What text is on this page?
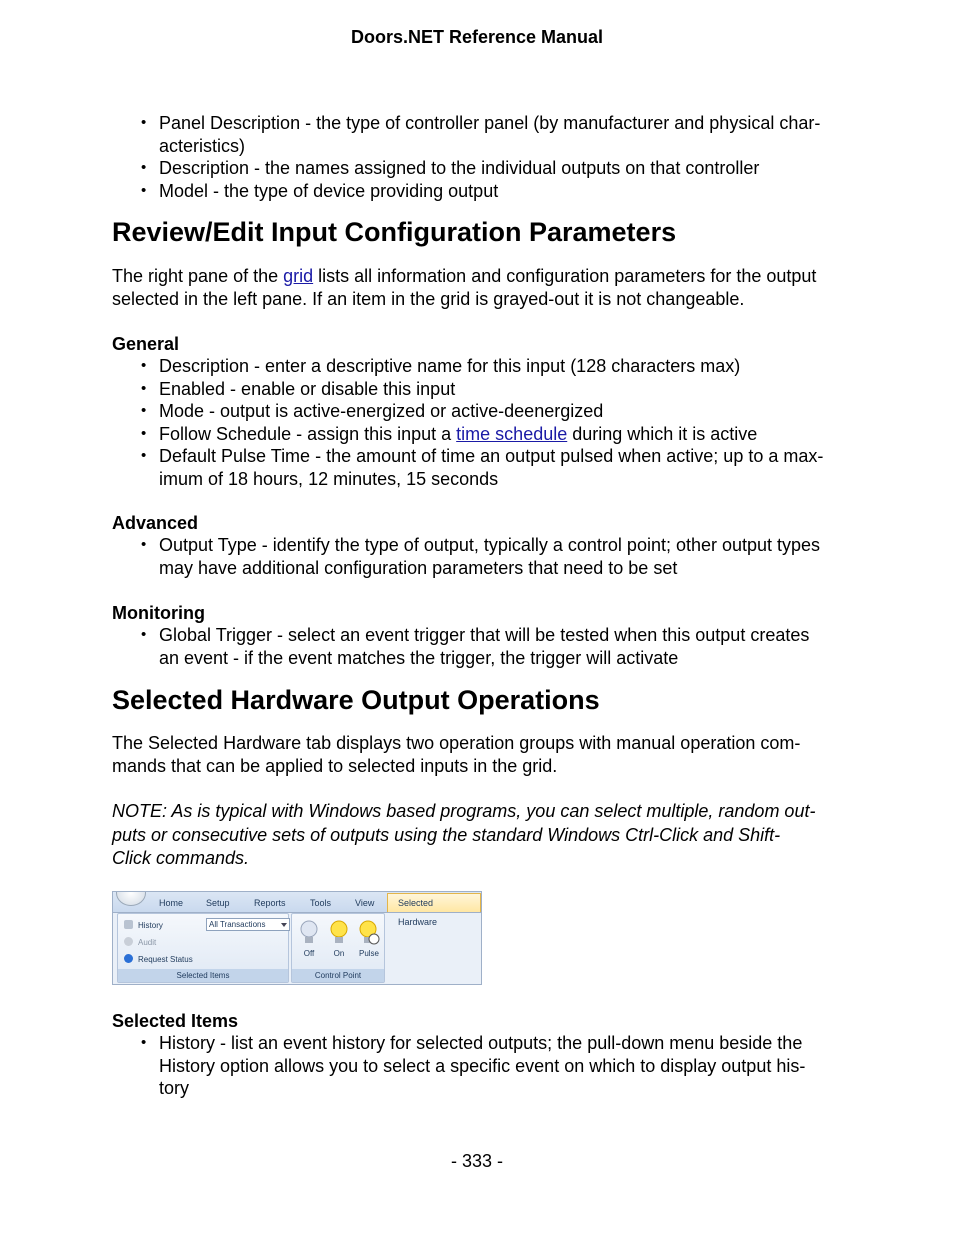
Doors.NET Reference Manual
• Panel Description - the type of controller panel (by manufacturer and physical char-
acteristics)
• Description - the names assigned to the individual outputs on that controller
• Model - the type of device providing output
Review/Edit Input Configuration Parameters
The right pane of the grid lists all information and configuration parameters for the output
selected in the left pane. If an item in the grid is grayed-out it is not changeable.
General
• Description - enter a descriptive name for this input (128 characters max)
• Enabled - enable or disable this input
• Mode - output is active-energized or active-deenergized
• Follow Schedule - assign this input a time schedule during which it is active
• Default Pulse Time - the amount of time an output pulsed when active; up to a max-
imum of 18 hours, 12 minutes, 15 seconds
Advanced
• Output Type - identify the type of output, typically a control point; other output types
may have additional configuration parameters that need to be set
Monitoring
• Global Trigger - select an event trigger that will be tested when this output creates
an event - if the event matches the trigger, the trigger will activate
Selected Hardware Output Operations
The Selected Hardware tab displays two operation groups with manual operation com-
mands that can be applied to selected inputs in the grid.
NOTE: As is typical with Windows based programs, you can select multiple, random out-
puts or consecutive sets of outputs using the standard Windows Ctrl-Click and Shift-
Click commands.
Home	Setup	Reports	Tools	View	Selected Hardware
History	All Transactions
Audit
Request Status
Selected Items
Off	On	Pulse
Control Point
Selected Items
• History - list an event history for selected outputs; the pull-down menu beside the
History option allows you to select a specific event on which to display output his-
tory
- 333 -
